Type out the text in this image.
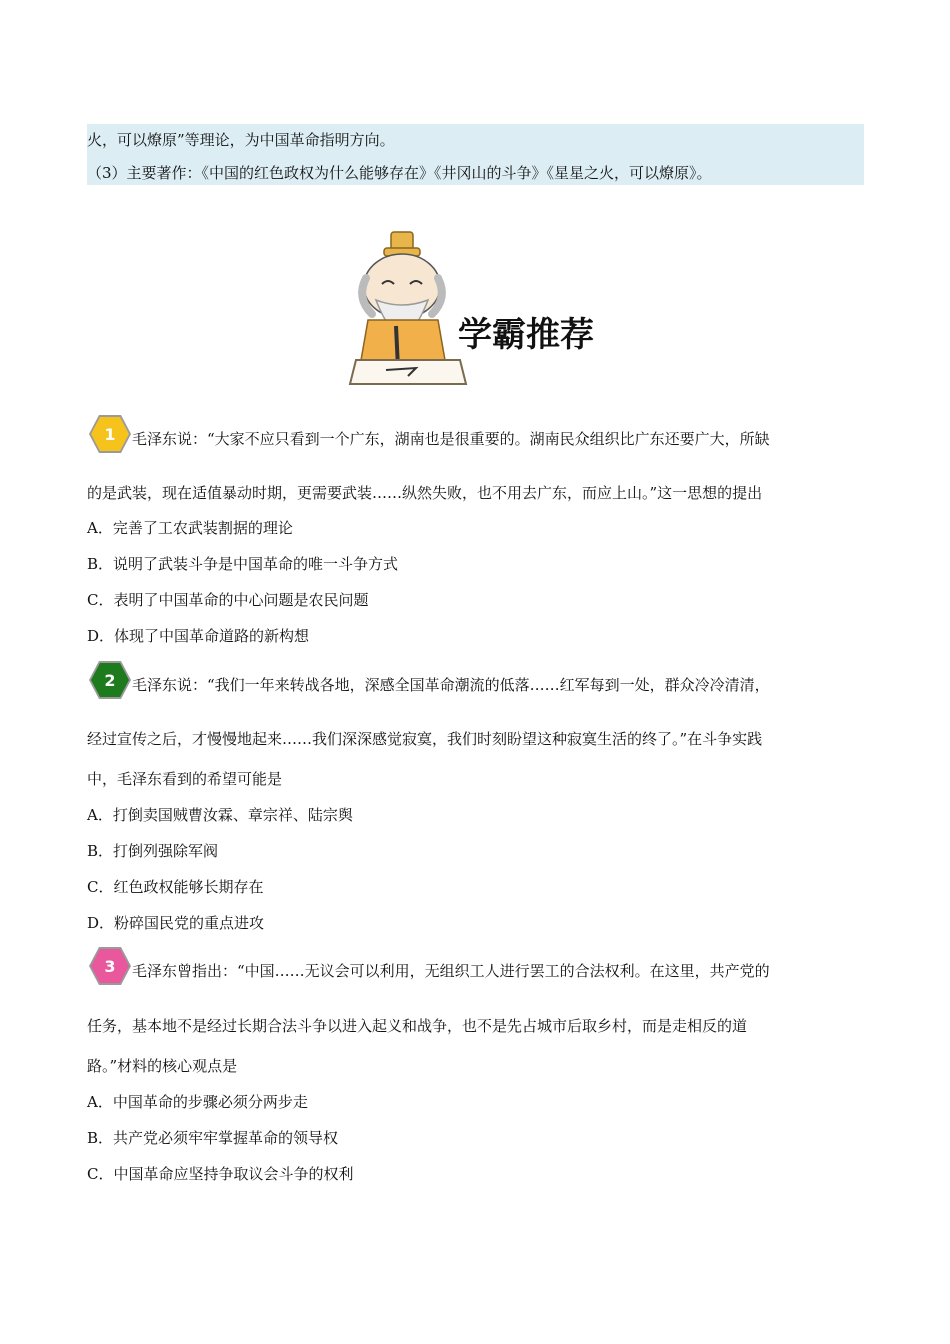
火，可以燎原”等理论，为中国革命指明方向。
（3）主要著作：《中国的红色政权为什么能够存在》《井冈山的斗争》《星星之火，可以燎原》。
学霸推荐
1 毛泽东说：“大家不应只看到一个广东，湖南也是很重要的。湖南民众组织比广东还要广大，所缺
的是武装，现在适值暴动时期，更需要武装……纵然失败，也不用去广东，而应上山。”这一思想的提出
A．完善了工农武装割据的理论
B．说明了武装斗争是中国革命的唯一斗争方式
C．表明了中国革命的中心问题是农民问题
D．体现了中国革命道路的新构想
2 毛泽东说：“我们一年来转战各地，深感全国革命潮流的低落……红军每到一处，群众冷冷清清，
经过宣传之后，才慢慢地起来……我们深深感觉寂寞，我们时刻盼望这种寂寞生活的终了。”在斗争实践
中，毛泽东看到的希望可能是
A．打倒卖国贼曹汝霖、章宗祥、陆宗舆
B．打倒列强除军阀
C．红色政权能够长期存在
D．粉碎国民党的重点进攻
3 毛泽东曾指出：“中国……无议会可以利用，无组织工人进行罢工的合法权利。在这里，共产党的
任务，基本地不是经过长期合法斗争以进入起义和战争，也不是先占城市后取乡村，而是走相反的道
路。”材料的核心观点是
A．中国革命的步骤必须分两步走
B．共产党必须牢牢掌握革命的领导权
C．中国革命应坚持争取议会斗争的权利
